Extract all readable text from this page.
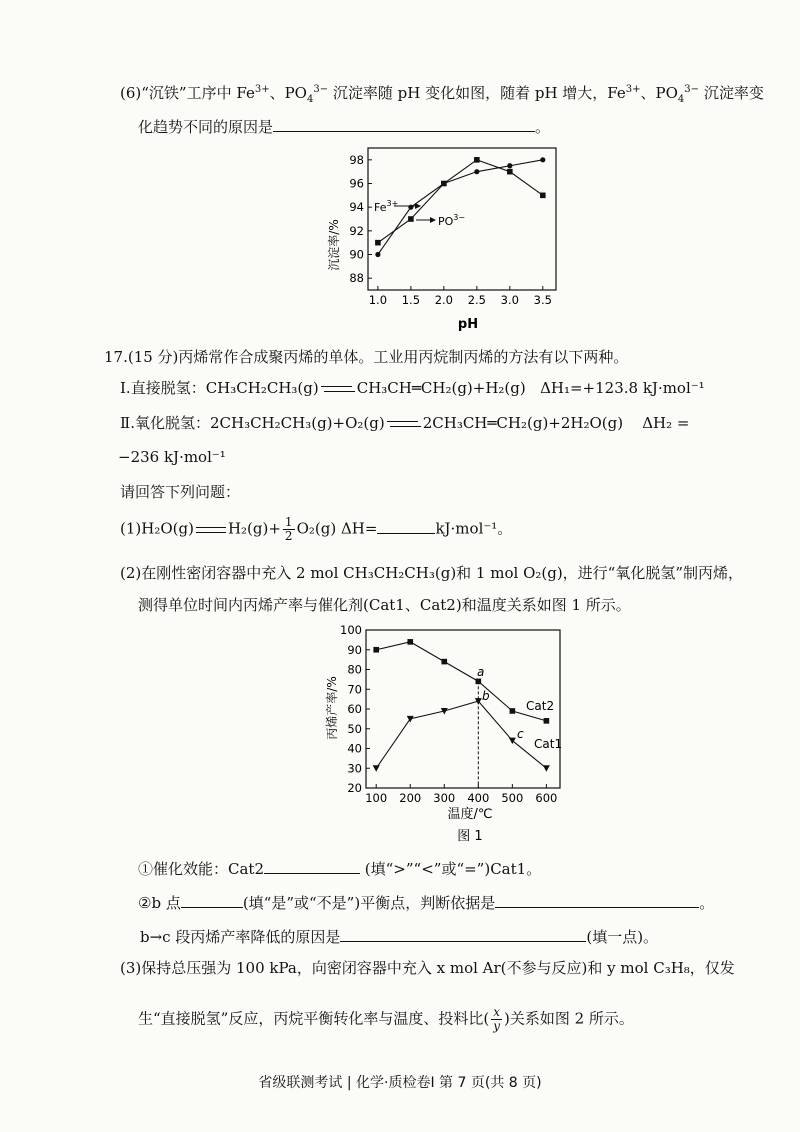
(6)“沉铁”工序中 $Fe^{3+}$、$PO_4^{3-}$ 沉淀率随 pH 变化如图，随着 pH 增大，$Fe^{3+}$、$PO_4^{3-}$ 沉淀率变
化趋势不同的原因是	。
1.0 1.5 2.0 2.5 3.0 3.5
88
90
92
94
96
98
沉淀率/%
pH
$Fe^{3+}$
$PO^{3-}$
17.(15 分)丙烯常作合成聚丙烯的单体。工业用丙烷制丙烯的方法有以下两种。
Ⅰ.直接脱氢：CH₃CH₂CH₃(g)	CH₃CH═CH₂(g)+H₂(g) ΔH₁=+123.8 kJ·mol⁻¹
Ⅱ.氧化脱氢：2CH₃CH₂CH₃(g)+O₂(g)	2CH₃CH═CH₂(g)+2H₂O(g) ΔH₂ =
−236 kJ·mol⁻¹
请回答下列问题：
(1)H₂O(g) $H_2(g)+ \frac{1}{2} O_2(g)$ ΔH=	kJ·mol⁻¹。
(2)在刚性密闭容器中充入 2 mol CH₃CH₂CH₃(g)和 1 mol O₂(g)，进行“氧化脱氢”制丙烯，
测得单位时间内丙烯产率与催化剂(Cat1、Cat2)和温度关系如图 1 所示。
100 200 300 400 500 600
20
30
40
50
60
70
80
90
100
丙烯产率/%
温度/℃
图 1
Cat2
Cat1
a
b
c
①催化效能：Cat2	(填“>”“<”或“=”)Cat1。
②b 点	(填“是”或“不是”)平衡点，判断依据是	。
b→c 段丙烯产率降低的原因是	(填一点)。
(3)保持总压强为 100 kPa，向密闭容器中充入 x mol Ar(不参与反应)和 y mol C₃H₈，仅发
生“直接脱氢”反应，丙烷平衡转化率与温度、投料比( $\frac{x}{y}$ )关系如图 2 所示。
省级联测考试 | 化学·质检卷Ⅰ 第 7 页(共 8 页)
